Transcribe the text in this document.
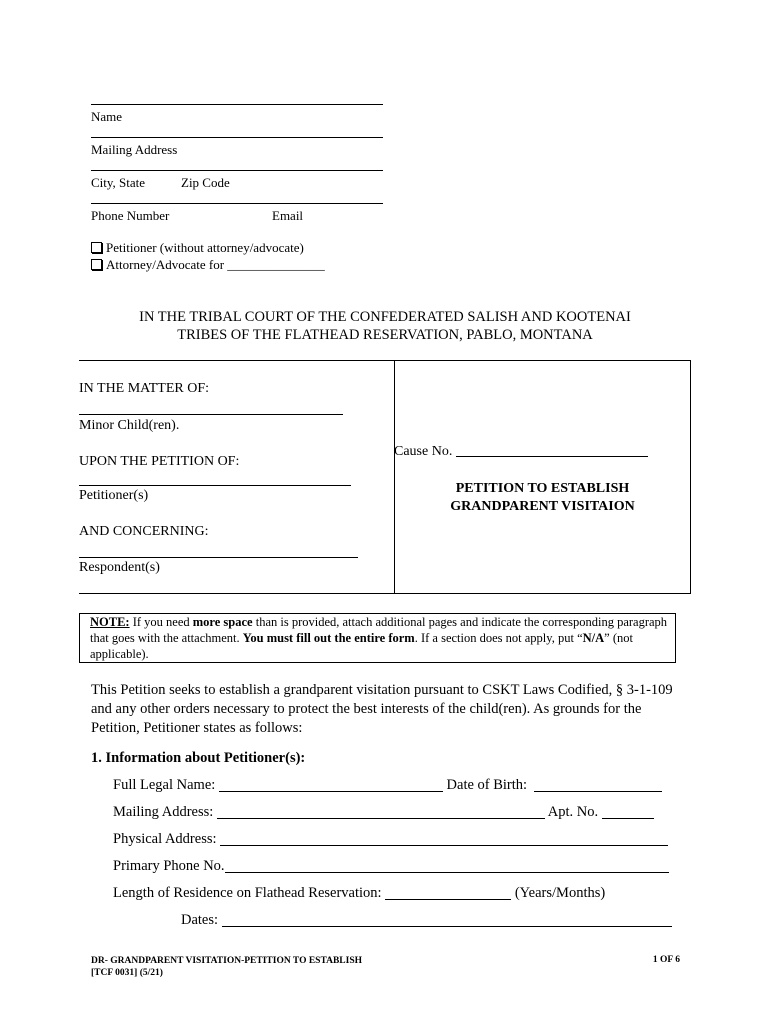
Name
Mailing Address
City, State	Zip Code
Phone Number	Email
Petitioner (without attorney/advocate)
Attorney/Advocate for _______________
IN THE TRIBAL COURT OF THE CONFEDERATED SALISH AND KOOTENAI
TRIBES OF THE FLATHEAD RESERVATION, PABLO, MONTANA
IN THE MATTER OF:
Minor Child(ren).
UPON THE PETITION OF:
Petitioner(s)
AND CONCERNING:
Respondent(s)
Cause No.
PETITION TO ESTABLISH
GRANDPARENT VISITAION
NOTE: If you need more space than is provided, attach additional pages and indicate the corresponding paragraph that goes with the attachment. You must fill out the entire form. If a section does not apply, put “N/A” (not applicable).
This Petition seeks to establish a grandparent visitation pursuant to CSKT Laws Codified, § 3-1-109 and any other orders necessary to protect the best interests of the child(ren). As grounds for the Petition, Petitioner states as follows:
1. Information about Petitioner(s):
Full Legal Name:	Date of Birth:
Mailing Address:	Apt. No.
Physical Address:
Primary Phone No.
Length of Residence on Flathead Reservation:	(Years/Months)
Dates:
DR- GRANDPARENT VISITATION-PETITION TO ESTABLISH
[TCF 0031] (5/21)
1 OF 6
